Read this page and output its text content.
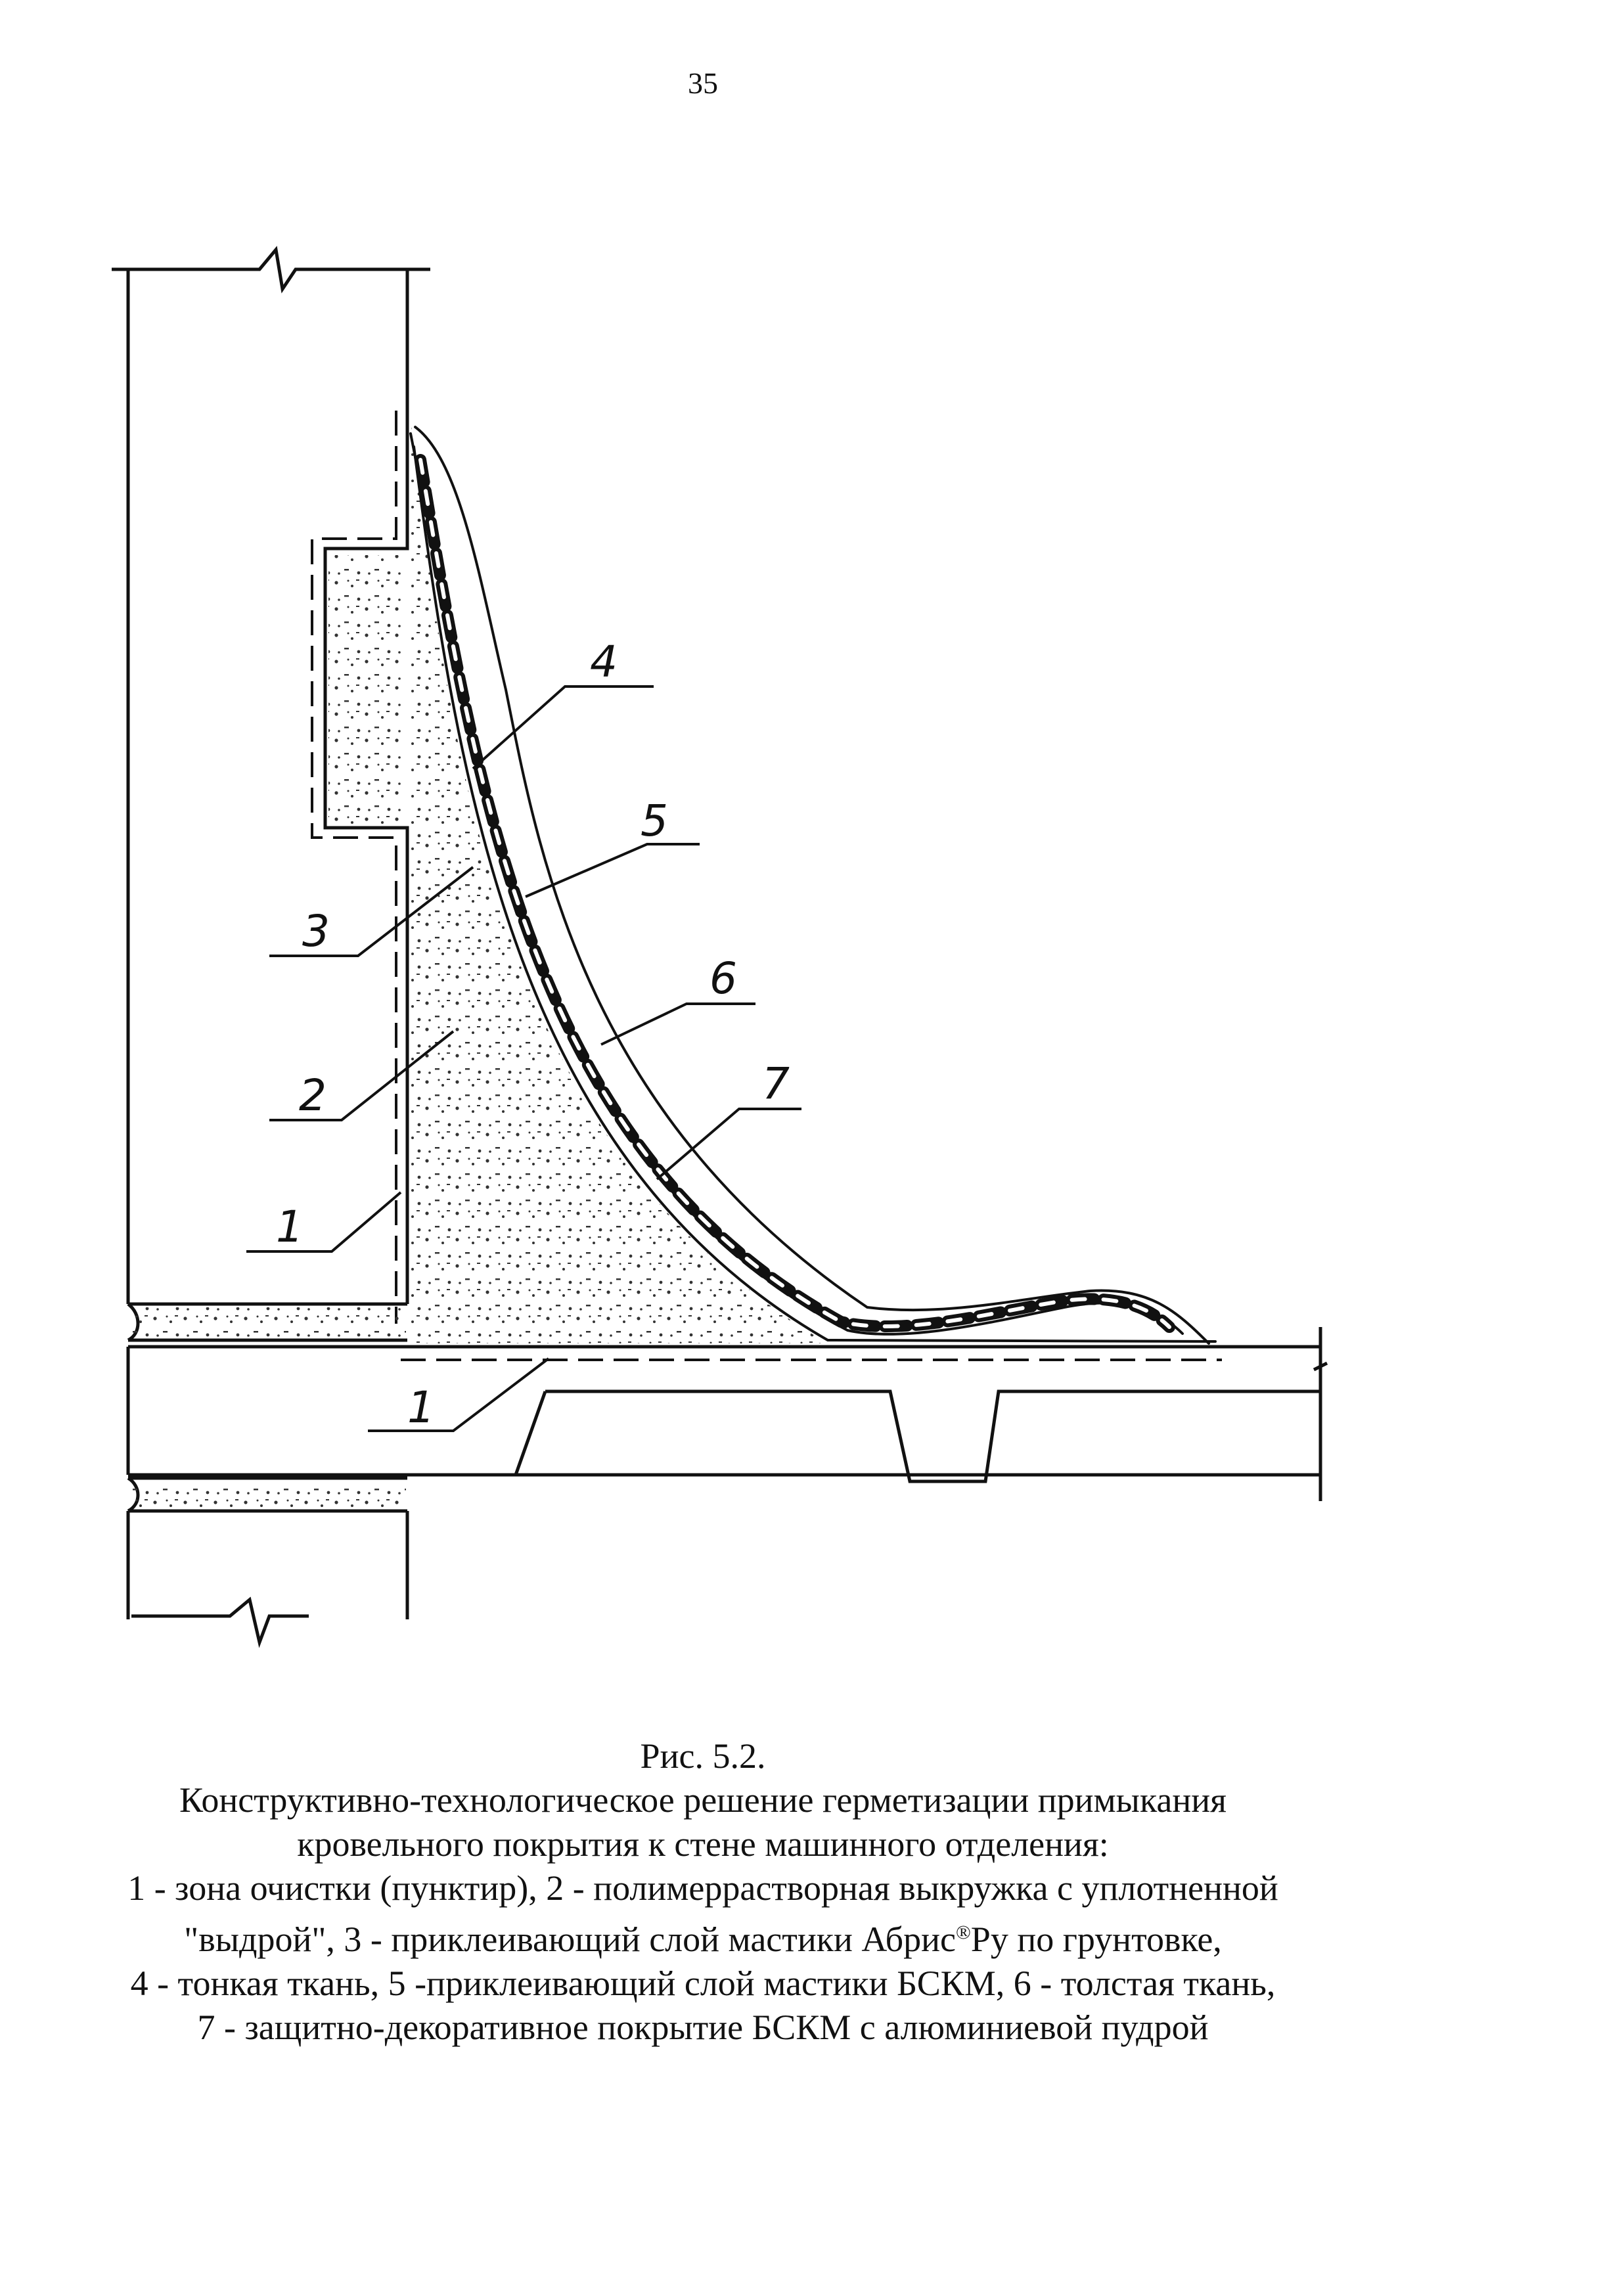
35
4
5
3
6
2	7
1
1
Рис. 5.2.
Конструктивно-технологическое решение герметизации примыкания
кровельного покрытия к стене машинного отделения:
1 - зона очистки (пунктир), 2 - полимеррастворная выкружка с уплотненной
"выдрой", 3 - приклеивающий слой мастики Абрис®Ру по грунтовке,
4 - тонкая ткань, 5 -приклеивающий слой мастики БСКМ, 6 - толстая ткань,
7 - защитно-декоративное покрытие БСКМ с алюминиевой пудрой
